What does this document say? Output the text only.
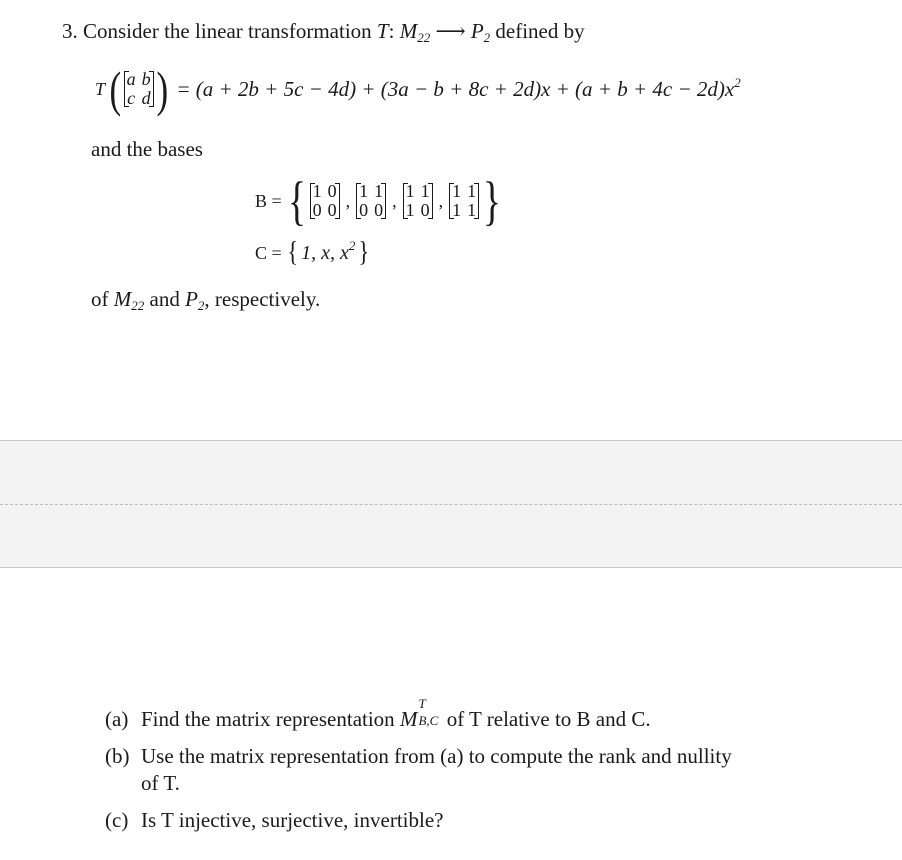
3. Consider the linear transformation T: $M_{22}$ ⟶ $P_2$ defined by
T ( a b
c d ) = $(a + 2b + 5c - 4d) + (3a - b + 8c + 2d)x + (a + b + 4c - 2d)x^2$
and the bases
B = { 1 0
0 0 , 1 1
0 0 , 1 1
1 0 , 1 1
1 1 }
C = { 1, x, $x^2$ }
of $M_{22}$ and $P_2$, respectively.
(a) Find the matrix representation M
T
B,C of T relative to B and C.
(b) Use the matrix representation from (a) to compute the rank and nullity
of T.
(c) Is T injective, surjective, invertible?
